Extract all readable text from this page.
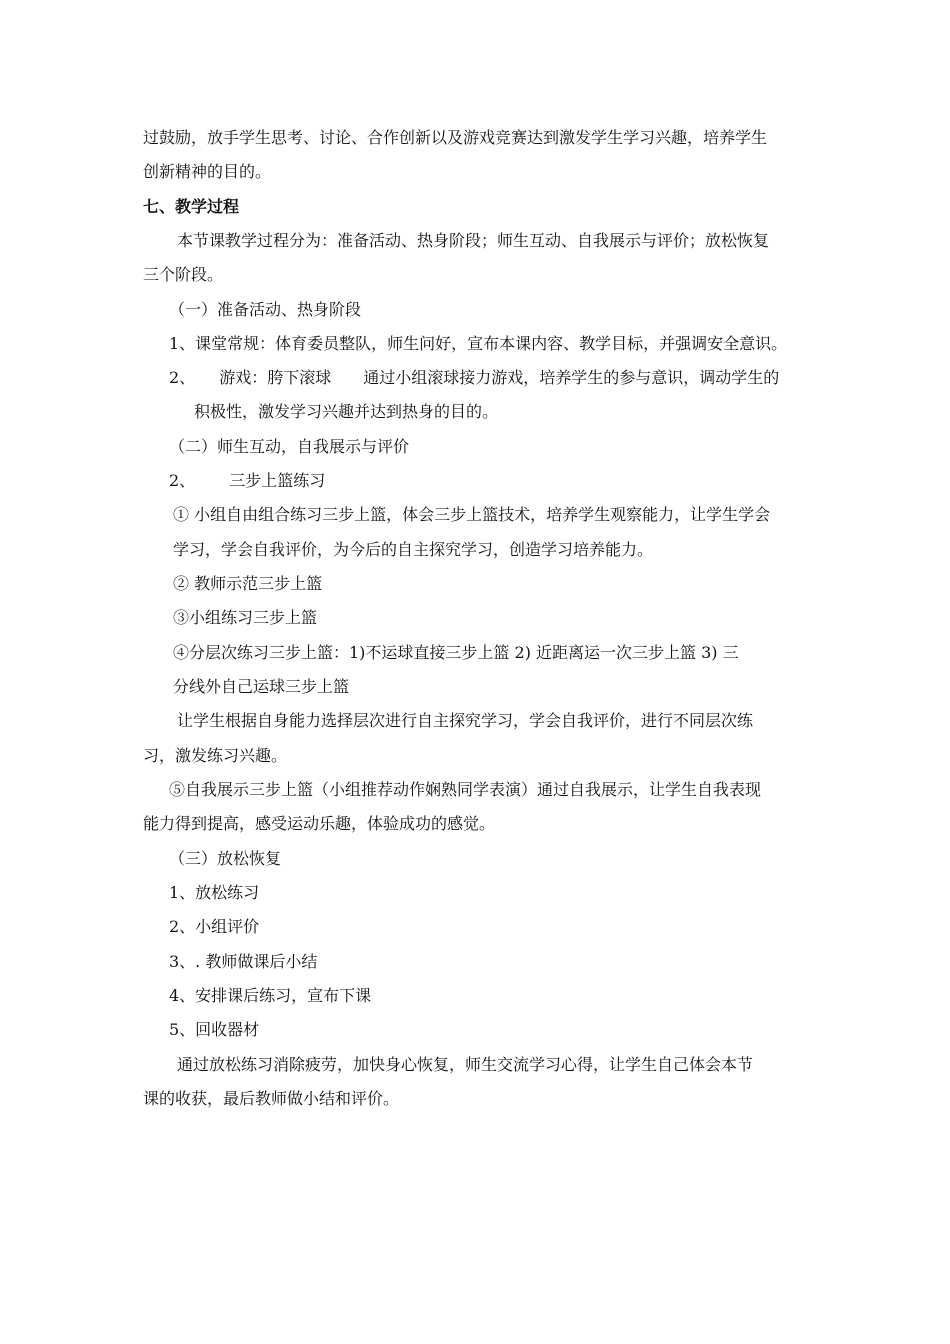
过鼓励，放手学生思考、讨论、合作创新以及游戏竞赛达到激发学生学习兴趣，培养学生
创新精神的目的。
七、教学过程
本节课教学过程分为：准备活动、热身阶段；师生互动、自我展示与评价；放松恢复
三个阶段。
（一）准备活动、热身阶段
1、课堂常规：体育委员整队，师生问好，宣布本课内容、教学目标，并强调安全意识。
2、 游戏：胯下滚球 通过小组滚球接力游戏，培养学生的参与意识，调动学生的
积极性，激发学习兴趣并达到热身的目的。
（二）师生互动，自我展示与评价
2、 三步上篮练习
① 小组自由组合练习三步上篮，体会三步上篮技术，培养学生观察能力，让学生学会
学习，学会自我评价，为今后的自主探究学习，创造学习培养能力。
② 教师示范三步上篮
③小组练习三步上篮
④分层次练习三步上篮：1)不运球直接三步上篮 2) 近距离运一次三步上篮 3) 三
分线外自己运球三步上篮
让学生根据自身能力选择层次进行自主探究学习，学会自我评价，进行不同层次练
习，激发练习兴趣。
⑤自我展示三步上篮（小组推荐动作娴熟同学表演）通过自我展示，让学生自我表现
能力得到提高，感受运动乐趣，体验成功的感觉。
（三）放松恢复
1、放松练习
2、小组评价
3、. 教师做课后小结
4、安排课后练习，宣布下课
5、回收器材
通过放松练习消除疲劳，加快身心恢复，师生交流学习心得，让学生自己体会本节
课的收获，最后教师做小结和评价。
